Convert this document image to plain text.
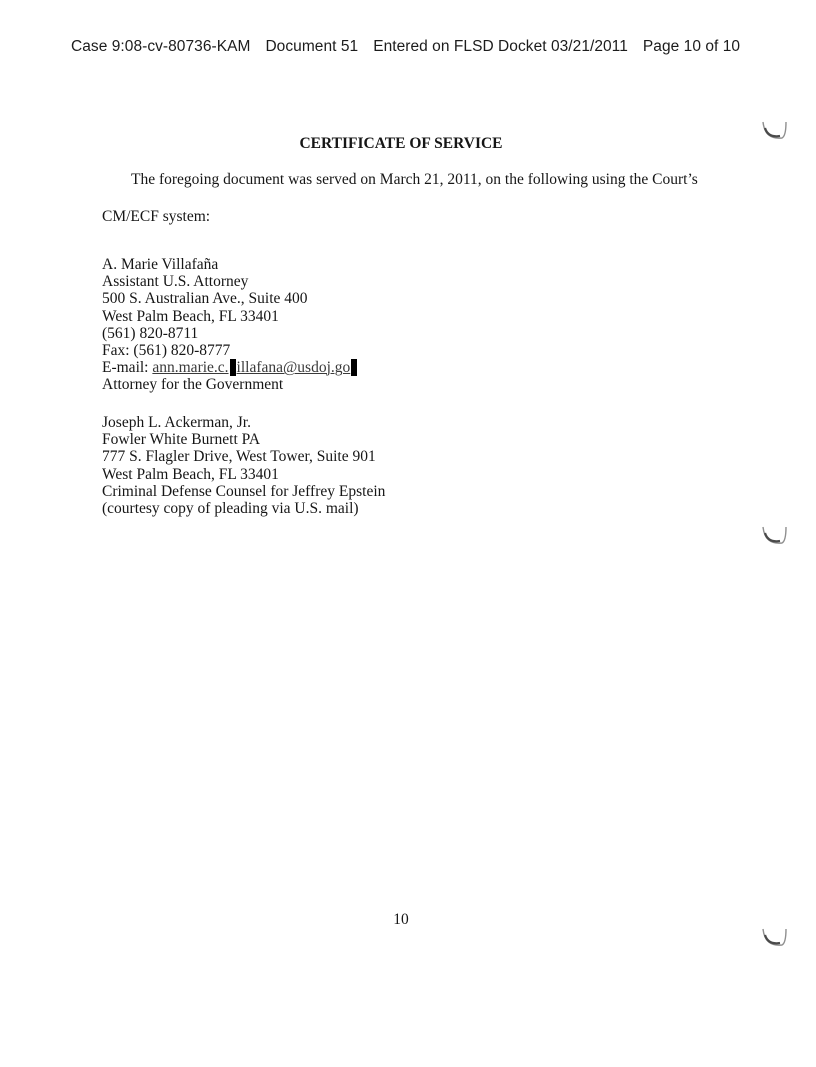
Case 9:08-cv-80736-KAM Document 51 Entered on FLSD Docket 03/21/2011 Page 10 of 10
CERTIFICATE OF SERVICE
The foregoing document was served on March 21, 2011, on the following using the Court’s
CM/ECF system:
A. Marie Villafaña
Assistant U.S. Attorney
500 S. Australian Ave., Suite 400
West Palm Beach, FL 33401
(561) 820-8711
Fax: (561) 820-8777
E-mail: ann.marie.c. illafana@usdoj.go
Attorney for the Government
Joseph L. Ackerman, Jr.
Fowler White Burnett PA
777 S. Flagler Drive, West Tower, Suite 901
West Palm Beach, FL 33401
Criminal Defense Counsel for Jeffrey Epstein
(courtesy copy of pleading via U.S. mail)
10
